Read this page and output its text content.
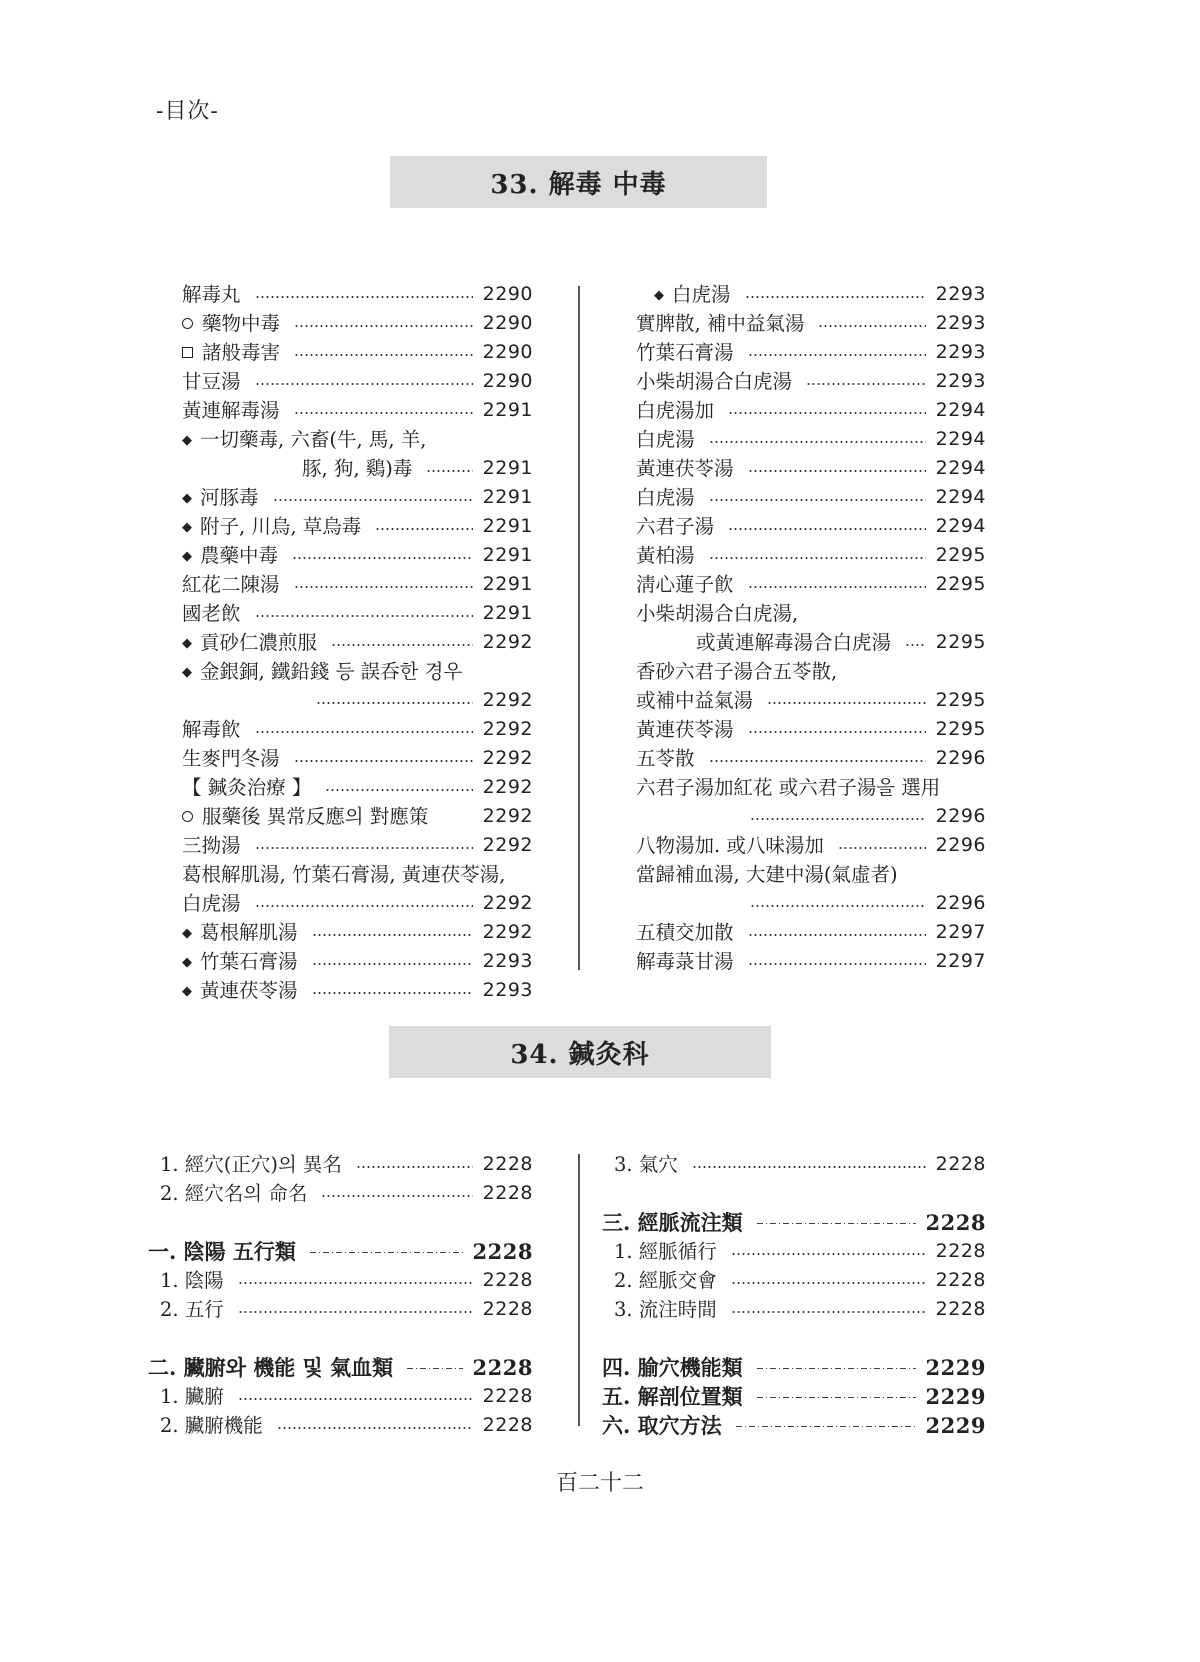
-目次-
33. 解毒 中毒
解毒丸	2290
藥物中毒	2290
諸般毒害	2290
甘豆湯	2290
黃連解毒湯	2291
◆ 一切藥毒, 六畜(牛, 馬, 羊,
豚, 狗, 鷄)毒	2291
◆ 河豚毒	2291
◆ 附子, 川烏, 草烏毒	2291
◆ 農藥中毒	2291
紅花二陳湯	2291
國老飲	2291
◆ 貢砂仁濃煎服	2292
◆ 金銀銅, 鐵鉛錢 등 誤呑한 경우
2292
解毒飮	2292
生麥門冬湯	2292
【 鍼灸治療 】	2292
服藥後 異常反應의 對應策	2292
三拗湯	2292
葛根解肌湯, 竹葉石膏湯, 黃連茯苓湯,
白虎湯	2292
◆ 葛根解肌湯	2292
◆ 竹葉石膏湯	2293
◆ 黃連茯苓湯	2293
◆ 白虎湯	2293
實脾散, 補中益氣湯	2293
竹葉石膏湯	2293
小柴胡湯合白虎湯	2293
白虎湯加	2294
白虎湯	2294
黃連茯苓湯	2294
白虎湯	2294
六君子湯	2294
黃柏湯	2295
淸心蓮子飮	2295
小柴胡湯合白虎湯,
或黃連解毒湯合白虎湯 2295
香砂六君子湯合五苓散,
或補中益氣湯	2295
黃連茯苓湯	2295
五苓散	2296
六君子湯加紅花 或六君子湯을 選用
2296
八物湯加. 或八味湯加	2296
當歸補血湯, 大建中湯(氣虛者)
2296
五積交加散	2297
解毒菉甘湯	2297
34. 鍼灸科
1. 經穴(正穴)의 異名	2228
2. 經穴名의 命名	2228
一. 陰陽 五行類	2228
1. 陰陽	2228
2. 五行	2228
二. 臟腑와 機能 및 氣血類	2228
1. 臟腑	2228
2. 臟腑機能	2228
3. 氣穴	2228
三. 經脈流注類	2228
1. 經脈循行	2228
2. 經脈交會	2228
3. 流注時間	2228
四. 腧穴機能類	2229
五. 解剖位置類	2229
六. 取穴方法	2229
百二十二
